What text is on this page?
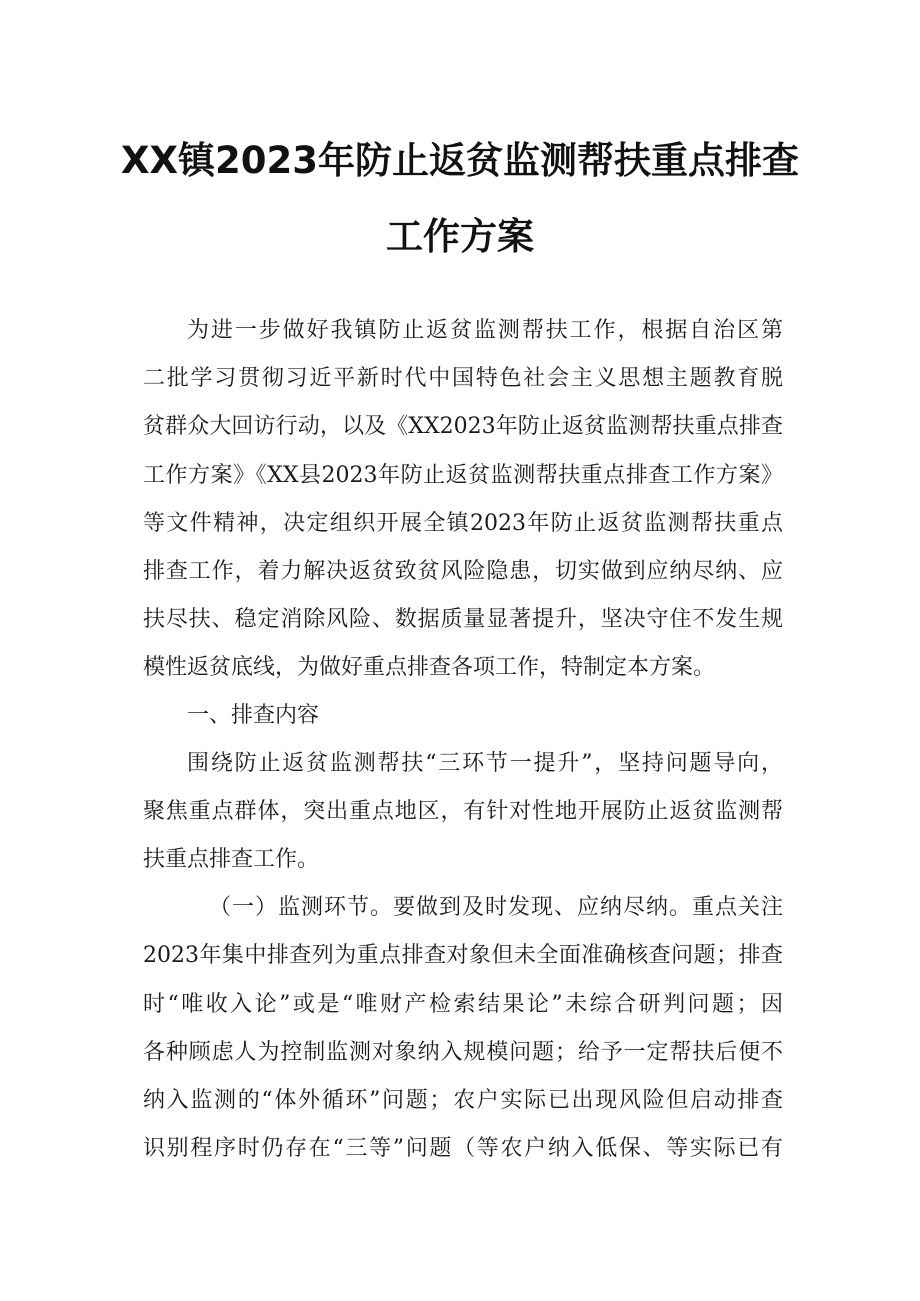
XX镇2023年防止返贫监测帮扶重点排查
工作方案
为进一步做好我镇防止返贫监测帮扶工作，根据自治区第
二批学习贯彻习近平新时代中国特色社会主义思想主题教育脱
贫群众大回访行动，以及《XX2023年防止返贫监测帮扶重点排查
工作方案》《XX县2023年防止返贫监测帮扶重点排查工作方案》
等文件精神，决定组织开展全镇2023年防止返贫监测帮扶重点
排查工作，着力解决返贫致贫风险隐患，切实做到应纳尽纳、应
扶尽扶、稳定消除风险、数据质量显著提升，坚决守住不发生规
模性返贫底线，为做好重点排查各项工作，特制定本方案。
一、排查内容
围绕防止返贫监测帮扶“三环节一提升”，坚持问题导向，
聚焦重点群体，突出重点地区，有针对性地开展防止返贫监测帮
扶重点排查工作。
（一）监测环节。要做到及时发现、应纳尽纳。重点关注
2023年集中排查列为重点排查对象但未全面准确核查问题；排查
时“唯收入论”或是“唯财产检索结果论”未综合研判问题；因
各种顾虑人为控制监测对象纳入规模问题；给予一定帮扶后便不
纳入监测的“体外循环”问题；农户实际已出现风险但启动排查
识别程序时仍存在“三等”问题（等农户纳入低保、等实际已有
